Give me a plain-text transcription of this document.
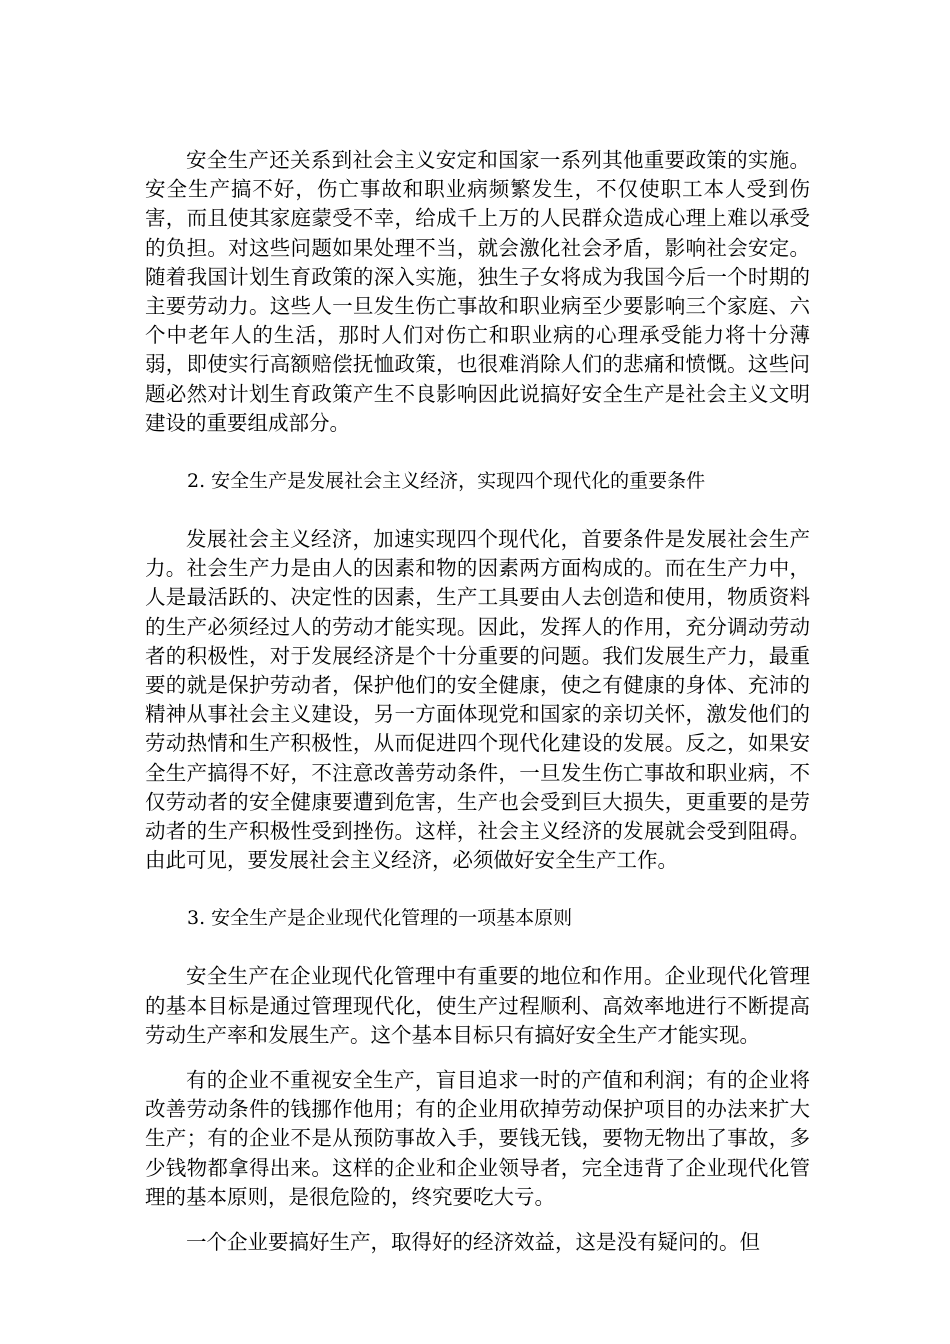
安全生产还关系到社会主义安定和国家一系列其他重要政策的实施。安全生产搞不好，伤亡事故和职业病频繁发生，不仅使职工本人受到伤害，而且使其家庭蒙受不幸，给成千上万的人民群众造成心理上难以承受的负担。对这些问题如果处理不当，就会激化社会矛盾，影响社会安定。随着我国计划生育政策的深入实施，独生子女将成为我国今后一个时期的主要劳动力。这些人一旦发生伤亡事故和职业病至少要影响三个家庭、六个中老年人的生活，那时人们对伤亡和职业病的心理承受能力将十分薄弱，即使实行高额赔偿抚恤政策，也很难消除人们的悲痛和愤慨。这些问题必然对计划生育政策产生不良影响因此说搞好安全生产是社会主义文明建设的重要组成部分。

2. 安全生产是发展社会主义经济，实现四个现代化的重要条件

发展社会主义经济，加速实现四个现代化，首要条件是发展社会生产力。社会生产力是由人的因素和物的因素两方面构成的。而在生产力中，人是最活跃的、决定性的因素，生产工具要由人去创造和使用，物质资料的生产必须经过人的劳动才能实现。因此，发挥人的作用，充分调动劳动者的积极性，对于发展经济是个十分重要的问题。我们发展生产力，最重要的就是保护劳动者，保护他们的安全健康，使之有健康的身体、充沛的精神从事社会主义建设，另一方面体现党和国家的亲切关怀，激发他们的劳动热情和生产积极性，从而促进四个现代化建设的发展。反之，如果安全生产搞得不好，不注意改善劳动条件，一旦发生伤亡事故和职业病，不仅劳动者的安全健康要遭到危害，生产也会受到巨大损失，更重要的是劳动者的生产积极性受到挫伤。这样，社会主义经济的发展就会受到阻碍。由此可见，要发展社会主义经济，必须做好安全生产工作。

3. 安全生产是企业现代化管理的一项基本原则

安全生产在企业现代化管理中有重要的地位和作用。企业现代化管理的基本目标是通过管理现代化，使生产过程顺利、高效率地进行不断提高劳动生产率和发展生产。这个基本目标只有搞好安全生产才能实现。

有的企业不重视安全生产，盲目追求一时的产值和利润；有的企业将改善劳动条件的钱挪作他用；有的企业用砍掉劳动保护项目的办法来扩大生产；有的企业不是从预防事故入手，要钱无钱，要物无物出了事故，多少钱物都拿得出来。这样的企业和企业领导者，完全违背了企业现代化管理的基本原则，是很危险的，终究要吃大亏。

一个企业要搞好生产，取得好的经济效益，这是没有疑问的。但
